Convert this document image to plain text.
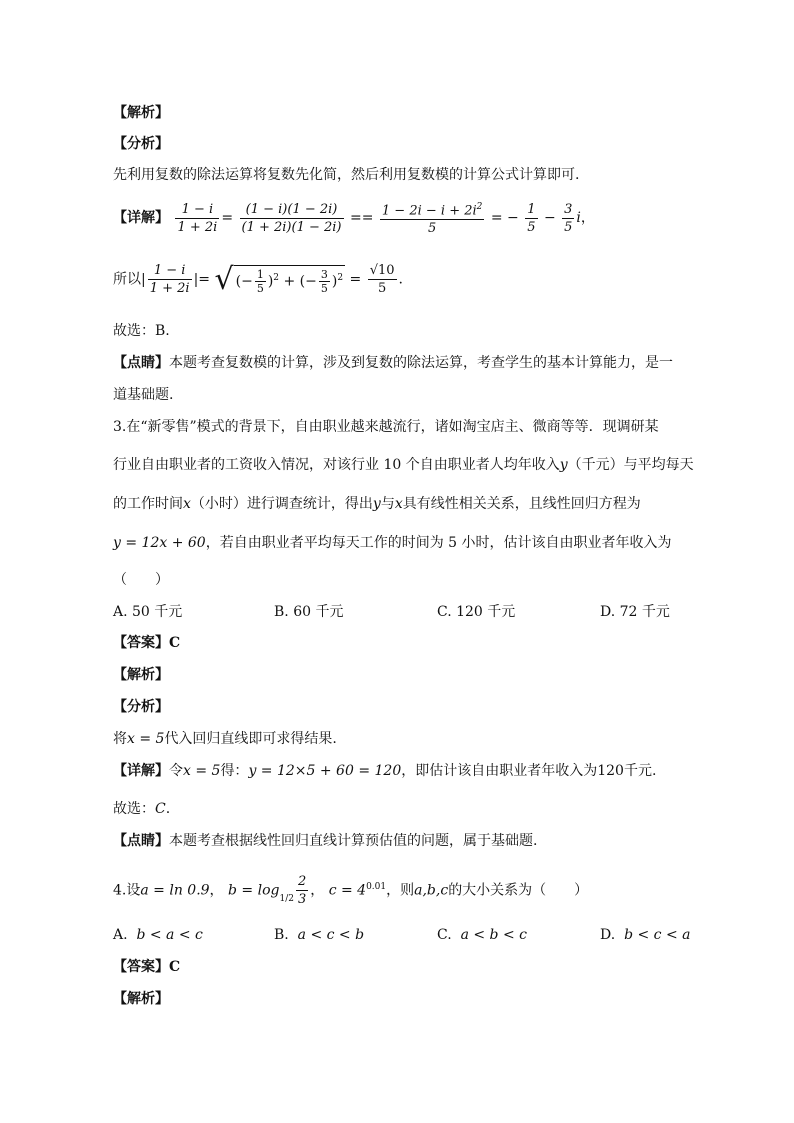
【解析】
【分析】
先利用复数的除法运算将复数先化简，然后利用复数模的计算公式计算即可.
【详解】 $\frac{1 - i}{1 + 2i} = \frac{(1 - i)(1 - 2i)}{(1 + 2i)(1 - 2i)} == \frac{1 - 2i - i + 2i^2}{5}$ = − $\frac{1}{5} - \frac{3}{5}$ i，
所以| $\frac{1 - i}{1 + 2i}$ |= √ (− $\frac{1}{5} )^2$ + (− $\frac{3}{5} )^2 = \frac{√10}{5}$ .
故选：B.
【点睛】本题考查复数模的计算，涉及到复数的除法运算，考查学生的基本计算能力，是一
道基础题.
3.在“新零售”模式的背景下，自由职业越来越流行，诸如淘宝店主、微商等等．现调研某
行业自由职业者的工资收入情况，对该行业 10 个自由职业者人均年收入y（千元）与平均每天
的工作时间x（小时）进行调查统计，得出y与x具有线性相关关系，且线性回归方程为
y = 12x + 60，若自由职业者平均每天工作的时间为 5 小时，估计该自由职业者年收入为
（　　）
A. 50 千元	B. 60 千元	C. 120 千元	D. 72 千元
【答案】C
【解析】
【分析】
将x = 5代入回归直线即可求得结果.
【详解】令x = 5得：y = 12×5 + 60 = 120，即估计该自由职业者年收入为120千元.
故选：C.
【点睛】本题考查根据线性回归直线计算预估值的问题，属于基础题.
4.设a = ln 0.9， $b = \log 1/2 \frac{2}{3}$ ， $c = 4^{0.01}$，则a,b,c的大小关系为（　　）
A. b < a < c	B. a < c < b	C. a < b < c	D. b < c < a
【答案】C
【解析】
